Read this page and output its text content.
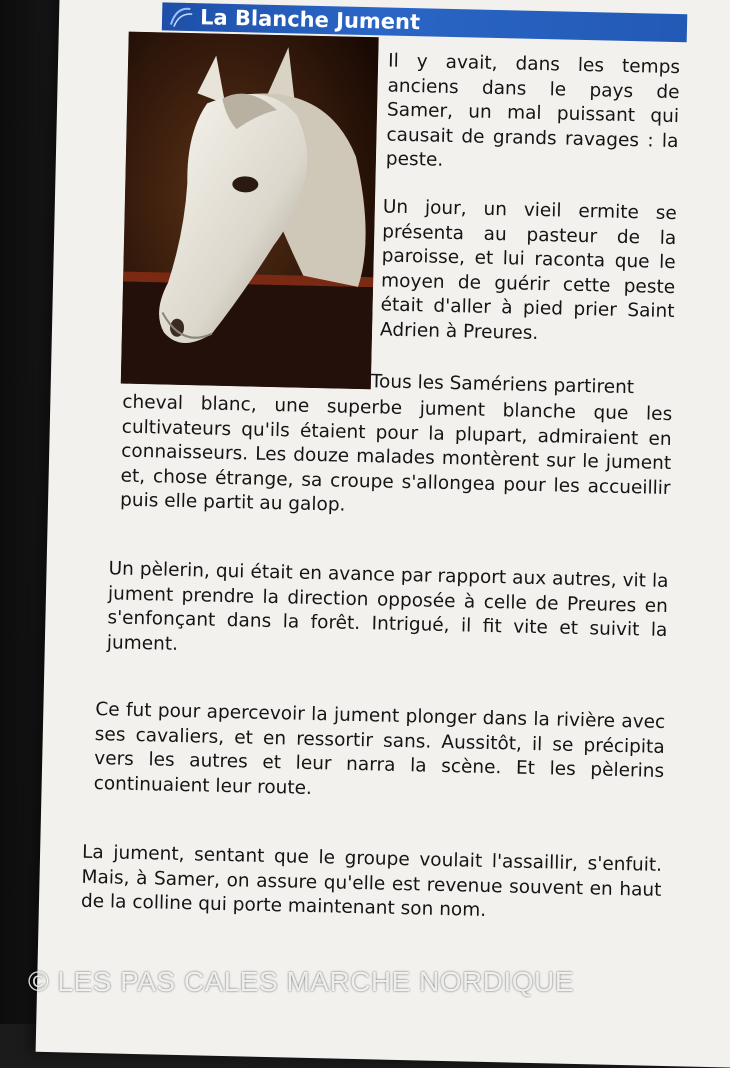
La Blanche Jument
Il y avait, dans les temps anciens dans le pays de Samer, un mal puissant qui causait de grands ravages : la peste.
Un jour, un vieil ermite se présenta au pasteur de la paroisse, et lui raconta que le moyen de guérir cette peste était d'aller à pied prier Saint Adrien à Preures.
Tous les Samériens partirent
cheval blanc, une superbe jument blanche que les cultivateurs qu'ils étaient pour la plupart, admiraient en connaisseurs. Les douze malades montèrent sur le jument et, chose étrange, sa croupe s'allongea pour les accueillir puis elle partit au galop.
Un pèlerin, qui était en avance par rapport aux autres, vit la jument prendre la direction opposée à celle de Preures en s'enfonçant dans la forêt. Intrigué, il fit vite et suivit la jument.
Ce fut pour apercevoir la jument plonger dans la rivière avec ses cavaliers, et en ressortir sans. Aussitôt, il se précipita vers les autres et leur narra la scène. Et les pèlerins continuaient leur route.
La jument, sentant que le groupe voulait l'assaillir, s'enfuit. Mais, à Samer, on assure qu'elle est revenue souvent en haut de la colline qui porte maintenant son nom.
© LES PAS CALES MARCHE NORDIQUE
